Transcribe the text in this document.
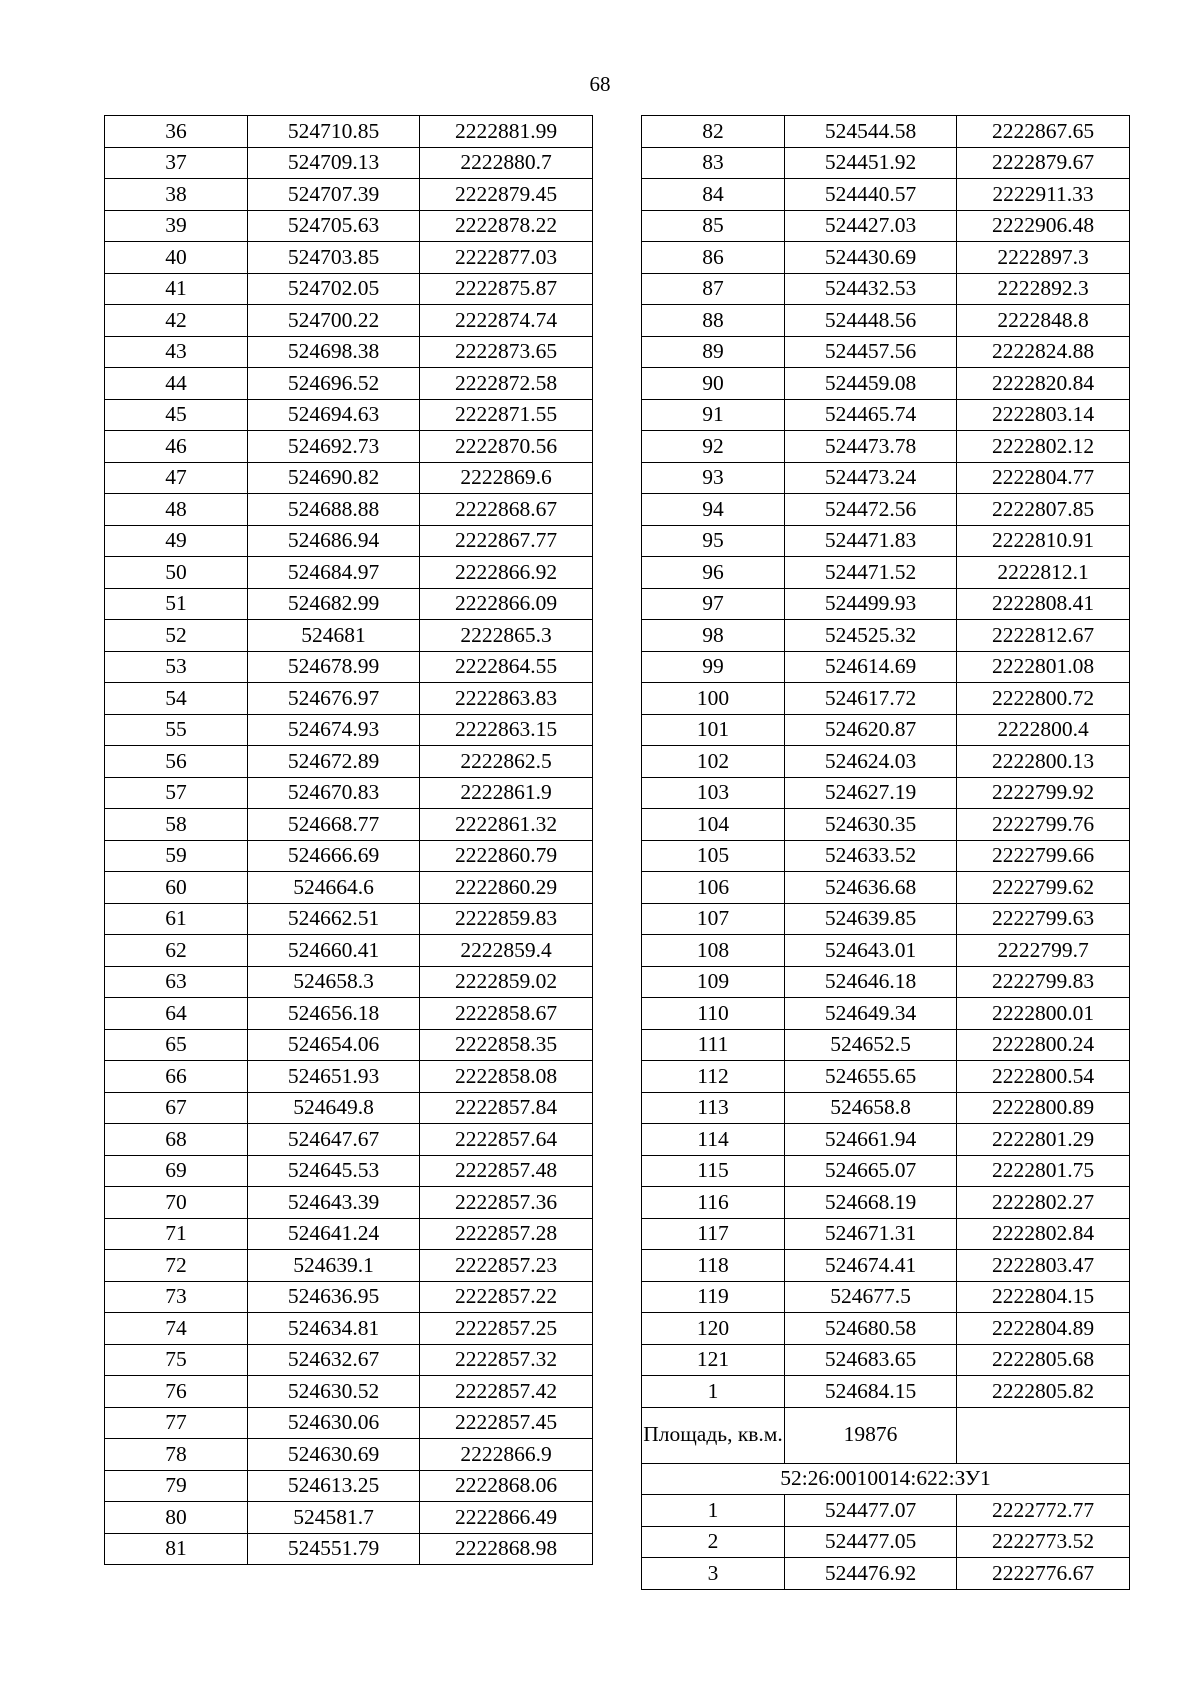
68
36	524710.85	2222881.99
37	524709.13	2222880.7
38	524707.39	2222879.45
39	524705.63	2222878.22
40	524703.85	2222877.03
41	524702.05	2222875.87
42	524700.22	2222874.74
43	524698.38	2222873.65
44	524696.52	2222872.58
45	524694.63	2222871.55
46	524692.73	2222870.56
47	524690.82	2222869.6
48	524688.88	2222868.67
49	524686.94	2222867.77
50	524684.97	2222866.92
51	524682.99	2222866.09
52	524681	2222865.3
53	524678.99	2222864.55
54	524676.97	2222863.83
55	524674.93	2222863.15
56	524672.89	2222862.5
57	524670.83	2222861.9
58	524668.77	2222861.32
59	524666.69	2222860.79
60	524664.6	2222860.29
61	524662.51	2222859.83
62	524660.41	2222859.4
63	524658.3	2222859.02
64	524656.18	2222858.67
65	524654.06	2222858.35
66	524651.93	2222858.08
67	524649.8	2222857.84
68	524647.67	2222857.64
69	524645.53	2222857.48
70	524643.39	2222857.36
71	524641.24	2222857.28
72	524639.1	2222857.23
73	524636.95	2222857.22
74	524634.81	2222857.25
75	524632.67	2222857.32
76	524630.52	2222857.42
77	524630.06	2222857.45
78	524630.69	2222866.9
79	524613.25	2222868.06
80	524581.7	2222866.49
81	524551.79	2222868.98
82	524544.58	2222867.65
83	524451.92	2222879.67
84	524440.57	2222911.33
85	524427.03	2222906.48
86	524430.69	2222897.3
87	524432.53	2222892.3
88	524448.56	2222848.8
89	524457.56	2222824.88
90	524459.08	2222820.84
91	524465.74	2222803.14
92	524473.78	2222802.12
93	524473.24	2222804.77
94	524472.56	2222807.85
95	524471.83	2222810.91
96	524471.52	2222812.1
97	524499.93	2222808.41
98	524525.32	2222812.67
99	524614.69	2222801.08
100	524617.72	2222800.72
101	524620.87	2222800.4
102	524624.03	2222800.13
103	524627.19	2222799.92
104	524630.35	2222799.76
105	524633.52	2222799.66
106	524636.68	2222799.62
107	524639.85	2222799.63
108	524643.01	2222799.7
109	524646.18	2222799.83
110	524649.34	2222800.01
111	524652.5	2222800.24
112	524655.65	2222800.54
113	524658.8	2222800.89
114	524661.94	2222801.29
115	524665.07	2222801.75
116	524668.19	2222802.27
117	524671.31	2222802.84
118	524674.41	2222803.47
119	524677.5	2222804.15
120	524680.58	2222804.89
121	524683.65	2222805.68
1	524684.15	2222805.82
Площадь, кв.м.	19876	
52:26:0010014:622:ЗУ1		
1	524477.07	2222772.77
2	524477.05	2222773.52
3	524476.92	2222776.67
